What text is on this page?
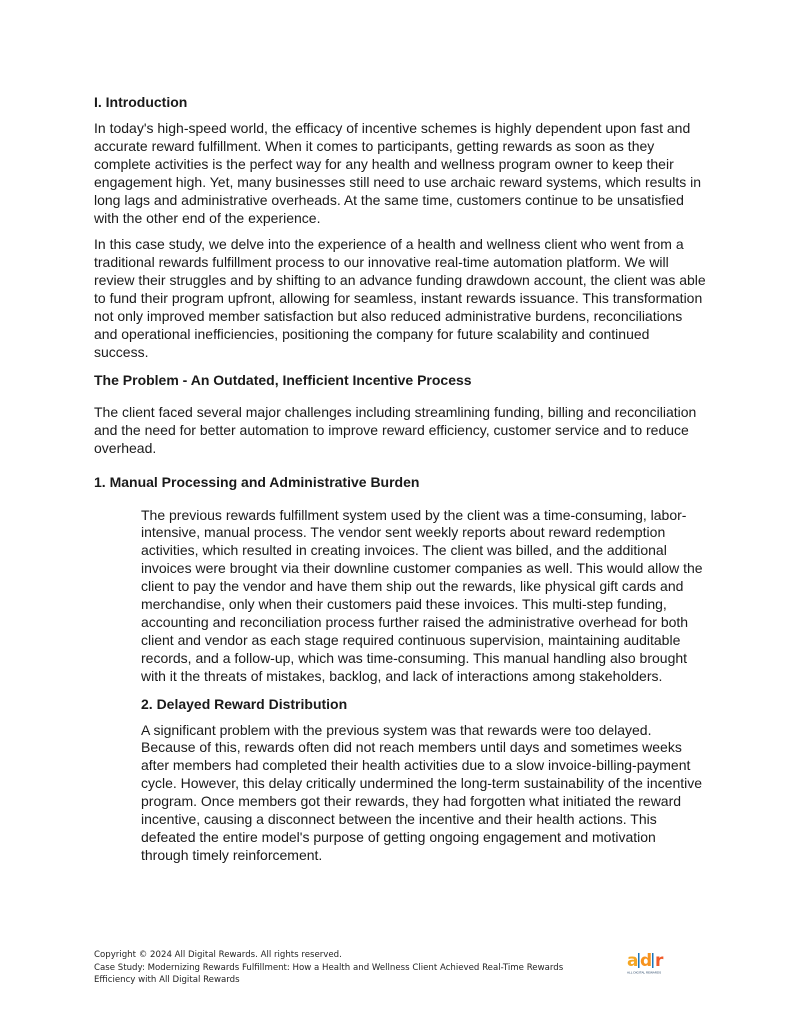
I. Introduction

In today's high-speed world, the efficacy of incentive schemes is highly dependent upon fast and accurate reward fulfillment. When it comes to participants, getting rewards as soon as they complete activities is the perfect way for any health and wellness program owner to keep their engagement high. Yet, many businesses still need to use archaic reward systems, which results in long lags and administrative overheads. At the same time, customers continue to be unsatisfied with the other end of the experience.

In this case study, we delve into the experience of a health and wellness client who went from a traditional rewards fulfillment process to our innovative real-time automation platform. We will review their struggles and by shifting to an advance funding drawdown account, the client was able to fund their program upfront, allowing for seamless, instant rewards issuance. This transformation not only improved member satisfaction but also reduced administrative burdens, reconciliations and operational inefficiencies, positioning the company for future scalability and continued success.

The Problem - An Outdated, Inefficient Incentive Process

The client faced several major challenges including streamlining funding, billing and reconciliation and the need for better automation to improve reward efficiency, customer service and to reduce overhead.

1. Manual Processing and Administrative Burden

The previous rewards fulfillment system used by the client was a time-consuming, labor-intensive, manual process. The vendor sent weekly reports about reward redemption activities, which resulted in creating invoices. The client was billed, and the additional invoices were brought via their downline customer companies as well. This would allow the client to pay the vendor and have them ship out the rewards, like physical gift cards and merchandise, only when their customers paid these invoices. This multi-step funding, accounting and reconciliation process further raised the administrative overhead for both client and vendor as each stage required continuous supervision, maintaining auditable records, and a follow-up, which was time-consuming. This manual handling also brought with it the threats of mistakes, backlog, and lack of interactions among stakeholders.

2. Delayed Reward Distribution

A significant problem with the previous system was that rewards were too delayed. Because of this, rewards often did not reach members until days and sometimes weeks after members had completed their health activities due to a slow invoice-billing-payment cycle. However, this delay critically undermined the long-term sustainability of the incentive program. Once members got their rewards, they had forgotten what initiated the reward incentive, causing a disconnect between the incentive and their health actions. This defeated the entire model's purpose of getting ongoing engagement and motivation through timely reinforcement.

Copyright © 2024 All Digital Rewards. All rights reserved.
Case Study: Modernizing Rewards Fulfillment: How a Health and Wellness Client Achieved Real-Time Rewards
Efficiency with All Digital Rewards
a d r
ALL DIGITAL REWARDS
